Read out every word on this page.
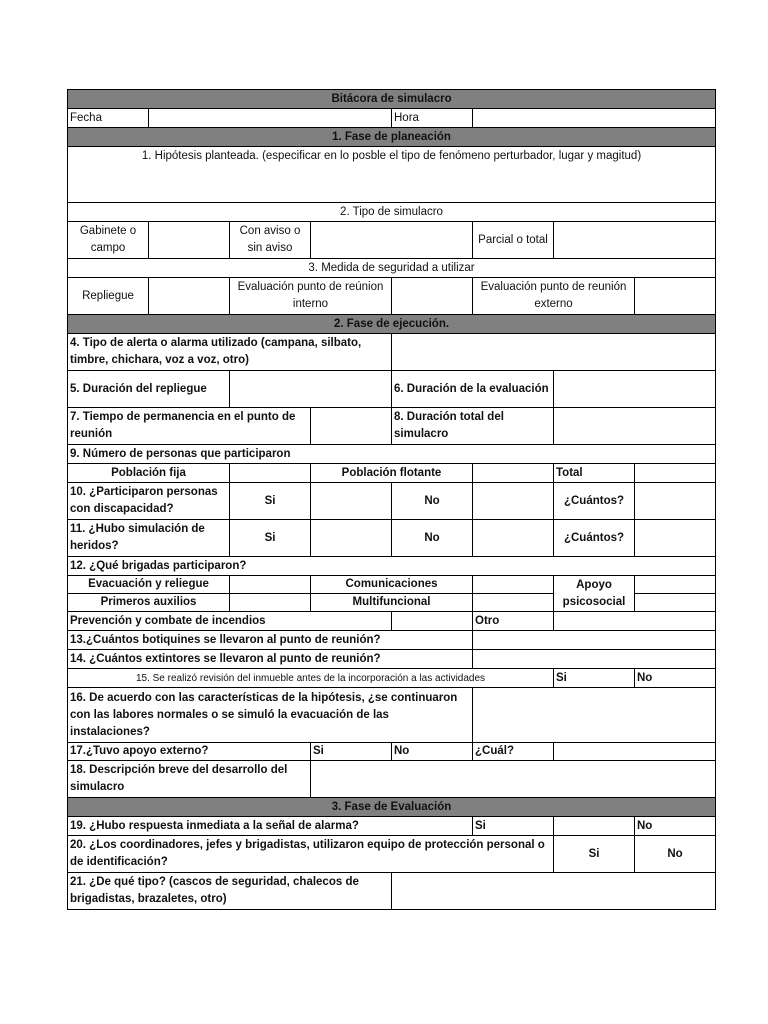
Bitácora de simulacro							
Fecha				Hora			
1. Fase de planeación							
1. Hipótesis planteada. (especificar en lo posble el tipo de fenómeno perturbador, lugar y magitud)							
2. Tipo de simulacro							
Gabinete o campo		Con aviso o sin aviso			Parcial o total		
3. Medida de seguridad a utilizar							
Repliegue		Evaluación punto de reúnion interno			Evaluación punto de reunión externo		
2. Fase de ejecución.							
4. Tipo de alerta o alarma utilizado (campana, silbato, timbre, chichara, voz a voz, otro)							
5. Duración del repliegue				6. Duración de la evaluación			
7. Tiempo de permanencia en el punto de reunión				8. Duración total del simulacro			
9. Número de personas que participaron							
Población fija			Población flotante			Total	
10. ¿Participaron personas con discapacidad?		Si		No		¿Cuántos?	
11. ¿Hubo simulación de heridos?		Si		No		¿Cuántos?	
12. ¿Qué brigadas participaron?							
Evacuación y reliegue			Comunicaciones			Apoyo psicosocial	
Primeros auxilios			Multifuncional				
Prevención y combate de incendios					Otro		
13.¿Cuántos botiquines se llevaron al punto de reunión?							
14. ¿Cuántos extintores se llevaron al punto de reunión?							
15. Se realizó revisión del inmueble antes de la incorporación a las actividades						Si	No
16. De acuerdo con las características de la hipótesis, ¿se continuaron con las labores normales o se simuló la evacuación de las instalaciones?							
17.¿Tuvo apoyo externo?			Si	No	¿Cuál?		
18. Descripción breve del desarrollo del simulacro							
3. Fase de Evaluación							
19. ¿Hubo respuesta inmediata a la señal de alarma?					Si		No
20. ¿Los coordinadores, jefes y brigadistas, utilizaron equipo de protección personal o de identificación?						Si	No
21. ¿De qué tipo? (cascos de seguridad, chalecos de brigadistas, brazaletes, otro)							
